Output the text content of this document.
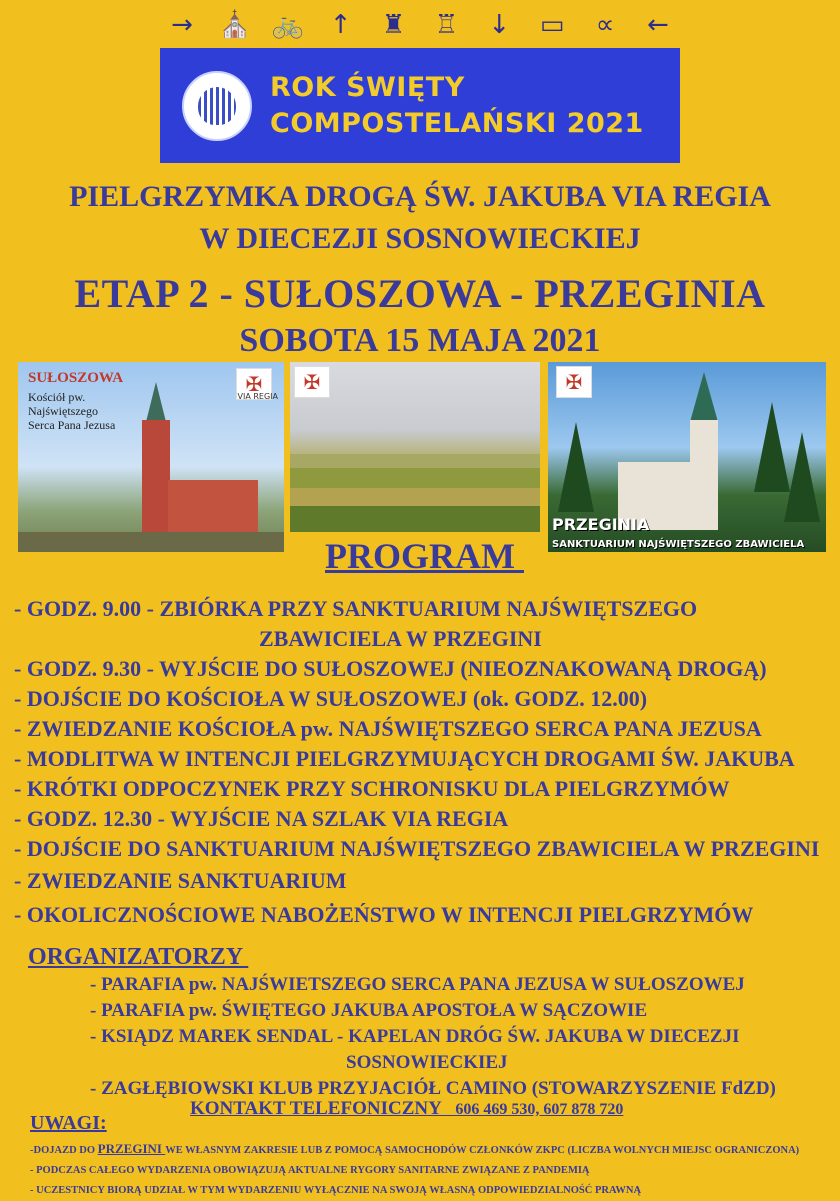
→ ⛪ 🚲 ↑ ♜ ♖ ↓ ▭ ∝ ←
ROK ŚWIĘTY
COMPOSTELAŃSKI 2021
PIELGRZYMKA DROGĄ ŚW. JAKUBA VIA REGIA
W DIECEZJI SOSNOWIECKIEJ
ETAP 2 - SUŁOSZOWA - PRZEGINIA
SOBOTA 15 MAJA 2021
SUŁOSZOWA
Kościół pw.
Najświętszego
Serca Pana Jezusa
✠
VIA REGIA
✠	✠
PRZEGINIA
SANKTUARIUM NAJŚWIĘTSZEGO ZBAWICIELA
PROGRAM
- GODZ. 9.00 - ZBIÓRKA PRZY SANKTUARIUM NAJŚWIĘTSZEGO
ZBAWICIELA W PRZEGINI
- GODZ. 9.30 - WYJŚCIE DO SUŁOSZOWEJ (NIEOZNAKOWANĄ DROGĄ)
- DOJŚCIE DO KOŚCIOŁA W SUŁOSZOWEJ (ok. GODZ. 12.00)
- ZWIEDZANIE KOŚCIOŁA pw. NAJŚWIĘTSZEGO SERCA PANA JEZUSA
- MODLITWA W INTENCJI PIELGRZYMUJĄCYCH DROGAMI ŚW. JAKUBA
- KRÓTKI ODPOCZYNEK PRZY SCHRONISKU DLA PIELGRZYMÓW
- GODZ. 12.30 - WYJŚCIE NA SZLAK VIA REGIA
- DOJŚCIE DO SANKTUARIUM NAJŚWIĘTSZEGO ZBAWICIELA W PRZEGINI
- ZWIEDZANIE SANKTUARIUM
- OKOLICZNOŚCIOWE NABOŻEŃSTWO W INTENCJI PIELGRZYMÓW
ORGANIZATORZY
- PARAFIA pw. NAJŚWIETSZEGO SERCA PANA JEZUSA W SUŁOSZOWEJ
- PARAFIA pw. ŚWIĘTEGO JAKUBA APOSTOŁA W SĄCZOWIE
- KSIĄDZ MAREK SENDAL - KAPELAN DRÓG ŚW. JAKUBA W DIECEZJI
SOSNOWIECKIEJ
- ZAGŁĘBIOWSKI KLUB PRZYJACIÓŁ CAMINO (STOWARZYSZENIE FdZD)
KONTAKT TELEFONICZNY 606 469 530, 607 878 720
UWAGI:
-DOJAZD DO PRZEGINI WE WŁASNYM ZAKRESIE LUB Z POMOCĄ SAMOCHODÓW CZŁONKÓW ZKPC (LICZBA WOLNYCH MIEJSC OGRANICZONA)
- PODCZAS CAŁEGO WYDARZENIA OBOWIĄZUJĄ AKTUALNE RYGORY SANITARNE ZWIĄZANE Z PANDEMIĄ
- UCZESTNICY BIORĄ UDZIAŁ W TYM WYDARZENIU WYŁĄCZNIE NA SWOJĄ WŁASNĄ ODPOWIEDZIALNOŚĆ PRAWNĄ
